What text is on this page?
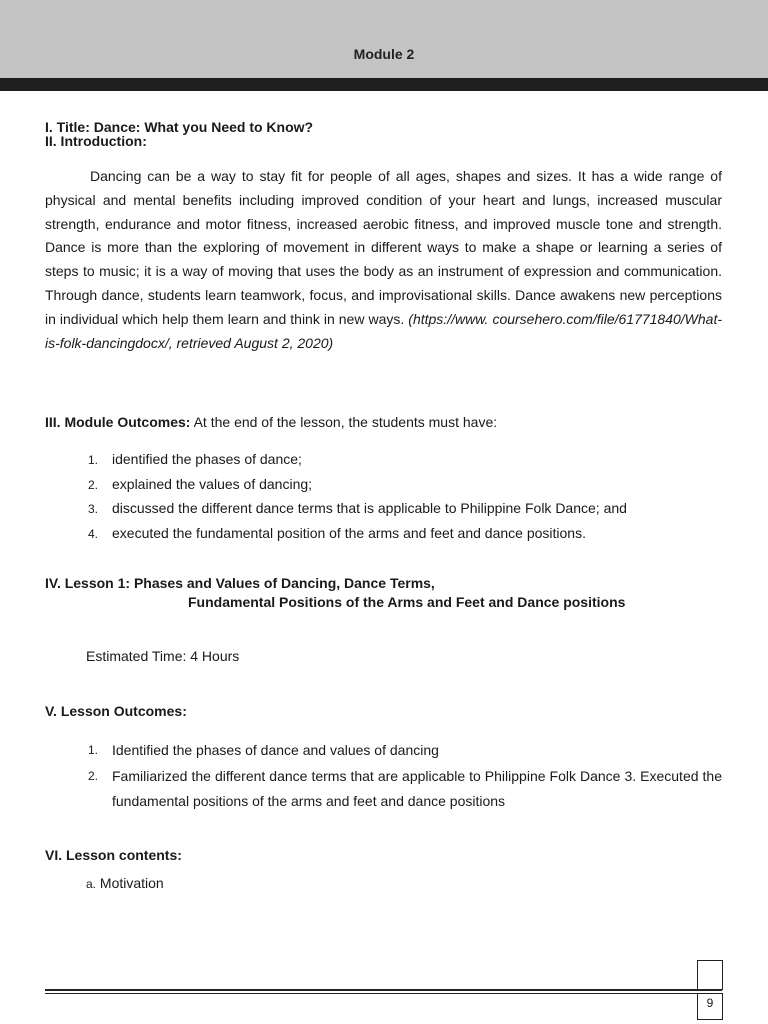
Module 2
I. Title: Dance: What you Need to Know?
II. Introduction:
Dancing can be a way to stay fit for people of all ages, shapes and sizes. It has a wide range of physical and mental benefits including improved condition of your heart and lungs, increased muscular strength, endurance and motor fitness, increased aerobic fitness, and improved muscle tone and strength. Dance is more than the exploring of movement in different ways to make a shape or learning a series of steps to music; it is a way of moving that uses the body as an instrument of expression and communication. Through dance, students learn teamwork, focus, and improvisational skills. Dance awakens new perceptions in individual which help them learn and think in new ways. (https://www. coursehero.com/file/61771840/What-is-folk-dancingdocx/, retrieved August 2, 2020)
III. Module Outcomes: At the end of the lesson, the students must have:
1. identified the phases of dance;
2. explained the values of dancing;
3. discussed the different dance terms that is applicable to Philippine Folk Dance; and
4. executed the fundamental position of the arms and feet and dance positions.
IV. Lesson 1: Phases and Values of Dancing, Dance Terms,
Fundamental Positions of the Arms and Feet and Dance positions
Estimated Time: 4 Hours
V. Lesson Outcomes:
1. Identified the phases of dance and values of dancing
2. Familiarized the different dance terms that are applicable to Philippine Folk Dance 3. Executed the fundamental positions of the arms and feet and dance positions
VI. Lesson contents:
a. Motivation
9
